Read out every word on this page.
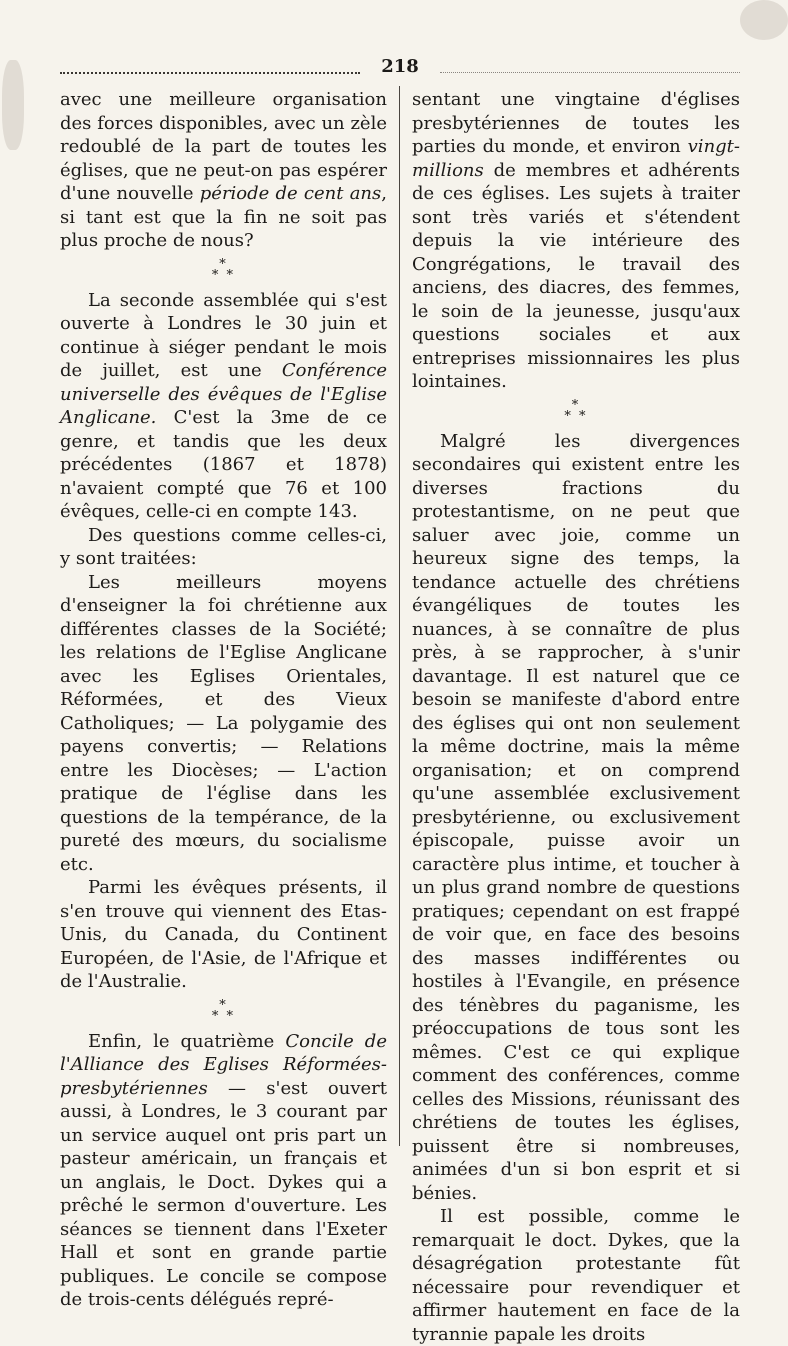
218

avec une meilleure organisation des forces disponibles, avec un zèle redoublé de la part de toutes les églises, que ne peut-on pas espérer d'une nouvelle période de cent ans, si tant est que la fin ne soit pas plus proche de nous?

*
* *

La seconde assemblée qui s'est ouverte à Londres le 30 juin et continue à siéger pendant le mois de juillet, est une Conférence universelle des évêques de l'Eglise Anglicane. C'est la 3me de ce genre, et tandis que les deux précédentes (1867 et 1878) n'avaient compté que 76 et 100 évêques, celle-ci en compte 143.

Des questions comme celles-ci, y sont traitées:

Les meilleurs moyens d'enseigner la foi chrétienne aux différentes classes de la Société; les relations de l'Eglise Anglicane avec les Eglises Orientales, Réformées, et des Vieux Catholiques; — La polygamie des payens convertis; — Relations entre les Diocèses; — L'action pratique de l'église dans les questions de la tempérance, de la pureté des mœurs, du socialisme etc.

Parmi les évêques présents, il s'en trouve qui viennent des Etas-Unis, du Canada, du Continent Européen, de l'Asie, de l'Afrique et de l'Australie.

*
* *

Enfin, le quatrième Concile de l'Alliance des Eglises Réformées-presbytériennes — s'est ouvert aussi, à Londres, le 3 courant par un service auquel ont pris part un pasteur américain, un français et un anglais, le Doct. Dykes qui a prêché le sermon d'ouverture. Les séances se tiennent dans l'Exeter Hall et sont en grande partie publiques. Le concile se compose de trois-cents délégués repré-

sentant une vingtaine d'églises presbytériennes de toutes les parties du monde, et environ vingt-millions de membres et adhérents de ces églises. Les sujets à traiter sont très variés et s'étendent depuis la vie intérieure des Congrégations, le travail des anciens, des diacres, des femmes, le soin de la jeunesse, jusqu'aux questions sociales et aux entreprises missionnaires les plus lointaines.

*
* *

Malgré les divergences secondaires qui existent entre les diverses fractions du protestantisme, on ne peut que saluer avec joie, comme un heureux signe des temps, la tendance actuelle des chrétiens évangéliques de toutes les nuances, à se connaître de plus près, à se rapprocher, à s'unir davantage. Il est naturel que ce besoin se manifeste d'abord entre des églises qui ont non seulement la même doctrine, mais la même organisation; et on comprend qu'une assemblée exclusivement presbytérienne, ou exclusivement épiscopale, puisse avoir un caractère plus intime, et toucher à un plus grand nombre de questions pratiques; cependant on est frappé de voir que, en face des besoins des masses indifférentes ou hostiles à l'Evangile, en présence des ténèbres du paganisme, les préoccupations de tous sont les mêmes. C'est ce qui explique comment des conférences, comme celles des Missions, réunissant des chrétiens de toutes les églises, puissent être si nombreuses, animées d'un si bon esprit et si bénies.

Il est possible, comme le remarquait le doct. Dykes, que la désagrégation protestante fût nécessaire pour revendiquer et affirmer hautement en face de la tyrannie papale les droits
